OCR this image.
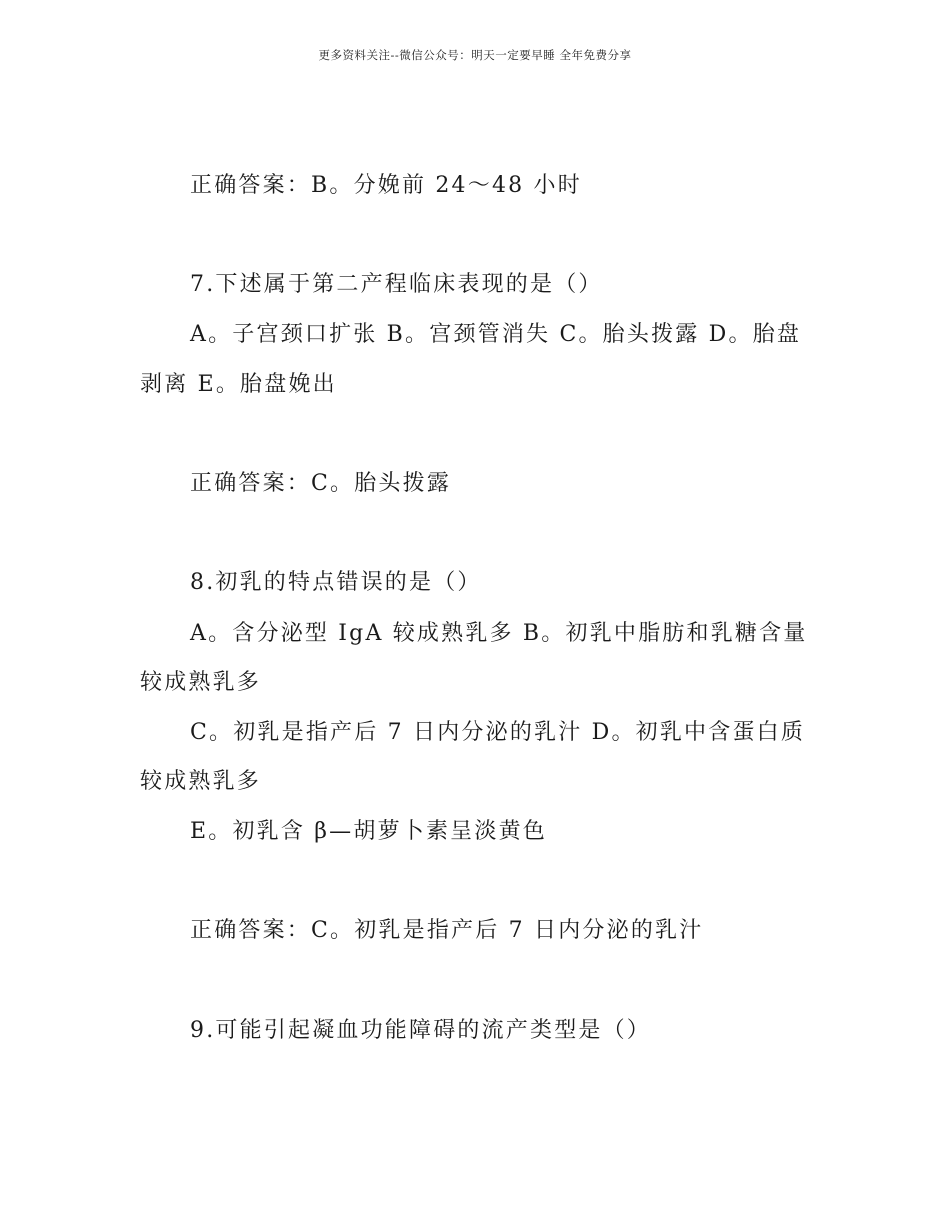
更多资料关注--微信公众号：明天一定要早睡 全年免费分享
正确答案：B。分娩前 24～48 小时
7.下述属于第二产程临床表现的是（）
A。子宫颈口扩张 B。宫颈管消失 C。胎头拨露 D。胎盘
剥离 E。胎盘娩出
正确答案：C。胎头拨露
8.初乳的特点错误的是（）
A。含分泌型 IgA 较成熟乳多 B。初乳中脂肪和乳糖含量
较成熟乳多
C。初乳是指产后 7 日内分泌的乳汁 D。初乳中含蛋白质
较成熟乳多
E。初乳含 β—胡萝卜素呈淡黄色
正确答案：C。初乳是指产后 7 日内分泌的乳汁
9.可能引起凝血功能障碍的流产类型是（）
